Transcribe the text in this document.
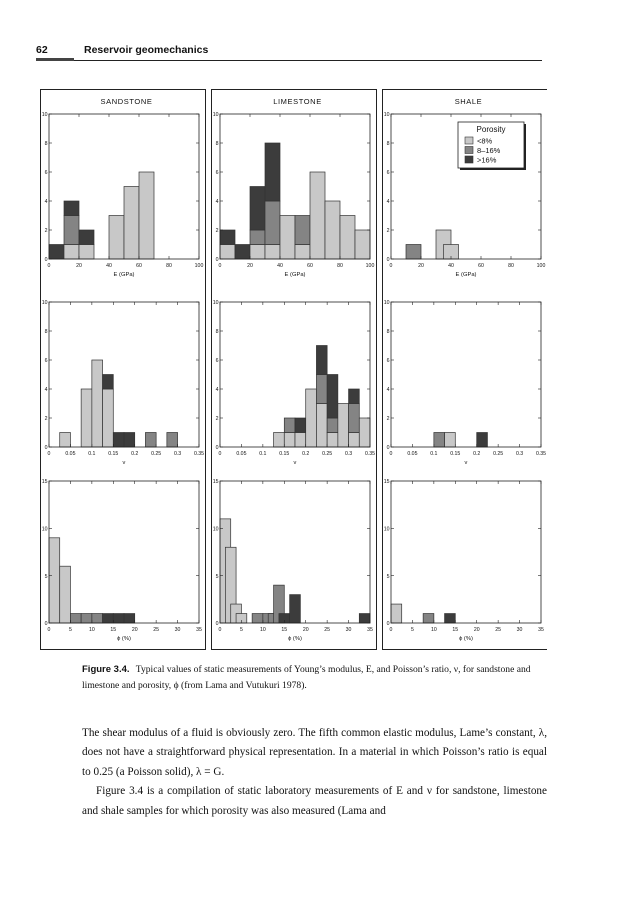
62	Reservoir geomechanics
SANDSTONE	LIMESTONE	SHALE
0
2
4
6
8
10
0	20	40	60	80	100
E (GPa)
0
2
4
6
8
10
0	20	40	60	80	100
E (GPa)
0
2
4
6
8
10
0	20	40	60	80	100
E (GPa)
0
2
4
6
8
10
0	0.05 0.1 0.15 0.2 0.25 0.3 0.35
ν
0
2
4
6
8
10
0	0.05 0.1 0.15 0.2 0.25 0.3 0.35
ν
0
2
4
6
8
10
0	0.05 0.1 0.15 0.2 0.25 0.3 0.35
ν
0
5
10
15
0	5	10	15	20	25	30	35
ϕ (%)
0
5
10
15
0	5	10	15	20	25	30	35
ϕ (%)
0
5
10
15
0	5	10	15	20	25	30	35
ϕ (%)
Porosity
<8%
8–16%
>16%
Figure 3.4. Typical values of static measurements of Young’s modulus, E, and Poisson’s ratio, ν, for sandstone and limestone and porosity, ϕ (from Lama and Vutukuri 1978).

The shear modulus of a fluid is obviously zero. The fifth common elastic modulus, Lame’s constant, λ, does not have a straightforward physical representation. In a material in which Poisson’s ratio is equal to 0.25 (a Poisson solid), λ = G.

Figure 3.4 is a compilation of static laboratory measurements of E and ν for sandstone, limestone and shale samples for which porosity was also measured (Lama and
